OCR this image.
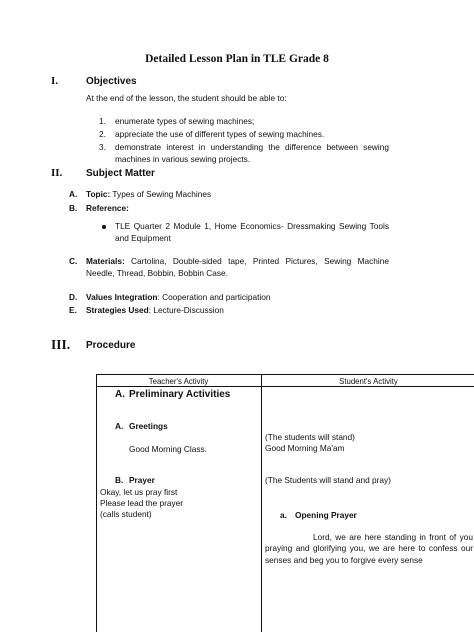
Detailed Lesson Plan in TLE Grade 8
I.	Objectives
At the end of the lesson, the student should be able to:
1. enumerate types of sewing machines;
2. appreciate the use of different types of sewing machines.
3. demonstrate interest in understanding the difference between sewing machines in various sewing projects.
II. Subject Matter
A. Topic: Types of Sewing Machines
B. Reference:
TLE Quarter 2 Module 1, Home Economics- Dressmaking Sewing Tools and Equipment
C. Materials: Cartolina, Double-sided tape, Printed Pictures, Sewing Machine Needle, Thread, Bobbin, Bobbin Case.
D. Values Integration: Cooperation and participation
E. Strategies Used: Lecture-Discussion
III. Procedure
Teacher's Activity	Student's Activity
A. Preliminary Activities
A. Greetings
Good Morning Class.
(The students will stand)
Good Morning Ma'am
B. Prayer
Okay, let us pray first
Please lead the prayer
(calls student)
(The Students will stand and pray)
a. Opening Prayer
Lord, we are here standing in front of you praying and glorifying you, we are here to confess our senses and beg you to forgive every sense
